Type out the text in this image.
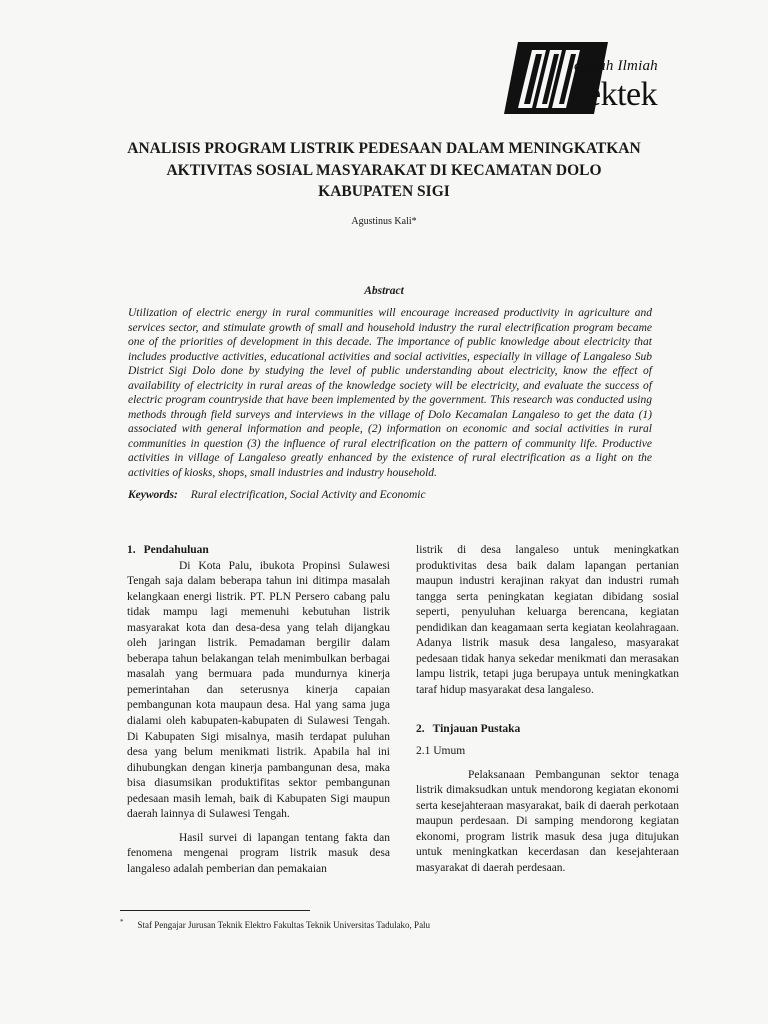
ajalah Ilmiah
ektek
ANALISIS PROGRAM LISTRIK PEDESAAN DALAM MENINGKATKAN
AKTIVITAS SOSIAL MASYARAKAT DI KECAMATAN DOLO
KABUPATEN SIGI
Agustinus Kali*
Abstract

Utilization of electric energy in rural communities will encourage increased productivity in agriculture and services sector, and stimulate growth of small and household industry the rural electrification program became one of the priorities of development in this decade. The importance of public knowledge about electricity that includes productive activities, educational activities and social activities, especially in village of Langaleso Sub District Sigi Dolo done by studying the level of public understanding about electricity, know the effect of availability of electricity in rural areas of the knowledge society will be electricity, and evaluate the success of electric program countryside that have been implemented by the government. This research was conducted using methods through field surveys and interviews in the village of Dolo Kecamalan Langaleso to get the data (1) associated with general information and people, (2) information on economic and social activities in rural communities in question (3) the influence of rural electrification on the pattern of community life. Productive activities in village of Langaleso greatly enhanced by the existence of rural electrification as a light on the activities of kiosks, shops, small industries and industry household.

Keywords: Rural electrification, Social Activity and Economic

1. Pendahuluan

Di Kota Palu, ibukota Propinsi Sulawesi Tengah saja dalam beberapa tahun ini ditimpa masalah kelangkaan energi listrik. PT. PLN Persero cabang palu tidak mampu lagi memenuhi kebutuhan listrik masyarakat kota dan desa-desa yang telah dijangkau oleh jaringan listrik. Pemadaman bergilir dalam beberapa tahun belakangan telah menimbulkan berbagai masalah yang bermuara pada mundurnya kinerja pemerintahan dan seterusnya kinerja capaian pembangunan kota maupaun desa. Hal yang sama juga dialami oleh kabupaten-kabupaten di Sulawesi Tengah. Di Kabupaten Sigi misalnya, masih terdapat puluhan desa yang belum menikmati listrik. Apabila hal ini dihubungkan dengan kinerja pambangunan desa, maka bisa diasumsikan produktifitas sektor pembangunan pedesaan masih lemah, baik di Kabupaten Sigi maupun daerah lainnya di Sulawesi Tengah.

Hasil survei di lapangan tentang fakta dan fenomena mengenai program listrik masuk desa langaleso adalah pemberian dan pemakaian

listrik di desa langaleso untuk meningkatkan produktivitas desa baik dalam lapangan pertanian maupun industri kerajinan rakyat dan industri rumah tangga serta peningkatan kegiatan dibidang sosial seperti, penyuluhan keluarga berencana, kegiatan pendidikan dan keagamaan serta kegiatan keolahragaan. Adanya listrik masuk desa langaleso, masyarakat pedesaan tidak hanya sekedar menikmati dan merasakan lampu listrik, tetapi juga berupaya untuk meningkatkan taraf hidup masyarakat desa langaleso.

2. Tinjauan Pustaka

2.1 Umum

Pelaksanaan Pembangunan sektor tenaga listrik dimaksudkan untuk mendorong kegiatan ekonomi serta kesejahteraan masyarakat, baik di daerah perkotaan maupun perdesaan. Di samping mendorong kegiatan ekonomi, program listrik masuk desa juga ditujukan untuk meningkatkan kecerdasan dan kesejahteraan masyarakat di daerah perdesaan.

* Staf Pengajar Jurusan Teknik Elektro Fakultas Teknik Universitas Tadulako, Palu
